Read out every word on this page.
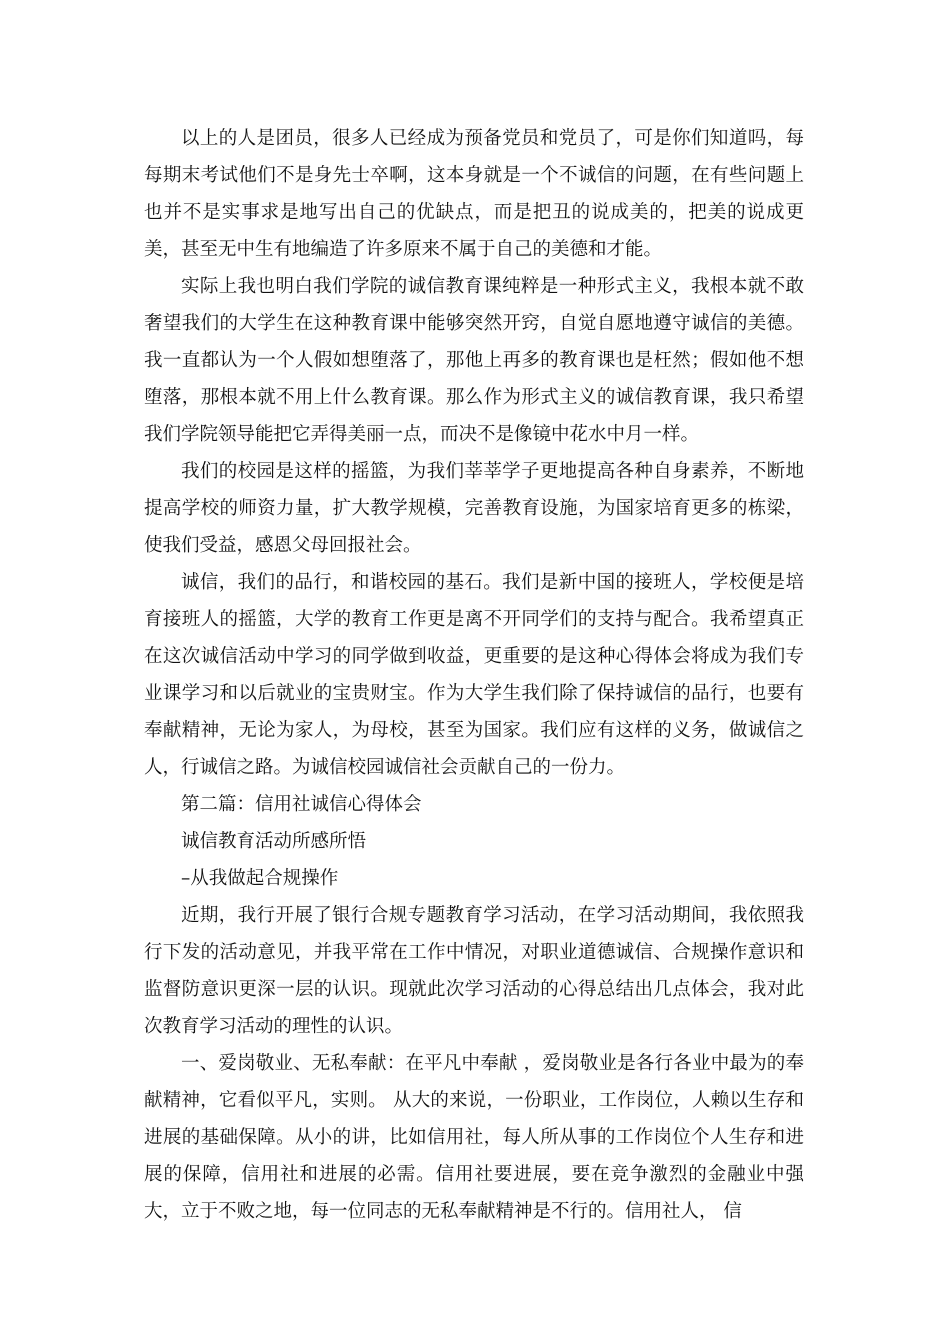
以上的人是团员，很多人已经成为预备党员和党员了，可是你们知道吗，每每期末考试他们不是身先士卒啊，这本身就是一个不诚信的问题，在有些问题上也并不是实事求是地写出自己的优缺点，而是把丑的说成美的，把美的说成更美，甚至无中生有地编造了许多原来不属于自己的美德和才能。

实际上我也明白我们学院的诚信教育课纯粹是一种形式主义，我根本就不敢奢望我们的大学生在这种教育课中能够突然开窍，自觉自愿地遵守诚信的美德。我一直都认为一个人假如想堕落了，那他上再多的教育课也是枉然；假如他不想堕落，那根本就不用上什么教育课。那么作为形式主义的诚信教育课，我只希望我们学院领导能把它弄得美丽一点，而决不是像镜中花水中月一样。

我们的校园是这样的摇篮，为我们莘莘学子更地提高各种自身素养，不断地提高学校的师资力量，扩大教学规模，完善教育设施，为国家培育更多的栋梁，使我们受益，感恩父母回报社会。

诚信，我们的品行，和谐校园的基石。我们是新中国的接班人，学校便是培育接班人的摇篮，大学的教育工作更是离不开同学们的支持与配合。我希望真正在这次诚信活动中学习的同学做到收益，更重要的是这种心得体会将成为我们专业课学习和以后就业的宝贵财宝。作为大学生我们除了保持诚信的品行，也要有奉献精神，无论为家人，为母校，甚至为国家。我们应有这样的义务，做诚信之人，行诚信之路。为诚信校园诚信社会贡献自己的一份力。

第二篇：信用社诚信心得体会

诚信教育活动所感所悟

–从我做起合规操作

近期，我行开展了银行合规专题教育学习活动，在学习活动期间，我依照我行下发的活动意见，并我平常在工作中情况，对职业道德诚信、合规操作意识和监督防意识更深一层的认识。现就此次学习活动的心得总结出几点体会，我对此次教育学习活动的理性的认识。

一、爱岗敬业、无私奉献：在平凡中奉献 ，爱岗敬业是各行各业中最为的奉献精神，它看似平凡，实则。 从大的来说，一份职业，工作岗位，人赖以生存和进展的基础保障。从小的讲，比如信用社，每人所从事的工作岗位个人生存和进展的保障，信用社和进展的必需。信用社要进展，要在竞争激烈的金融业中强大，立于不败之地，每一位同志的无私奉献精神是不行的。信用社人， 信
